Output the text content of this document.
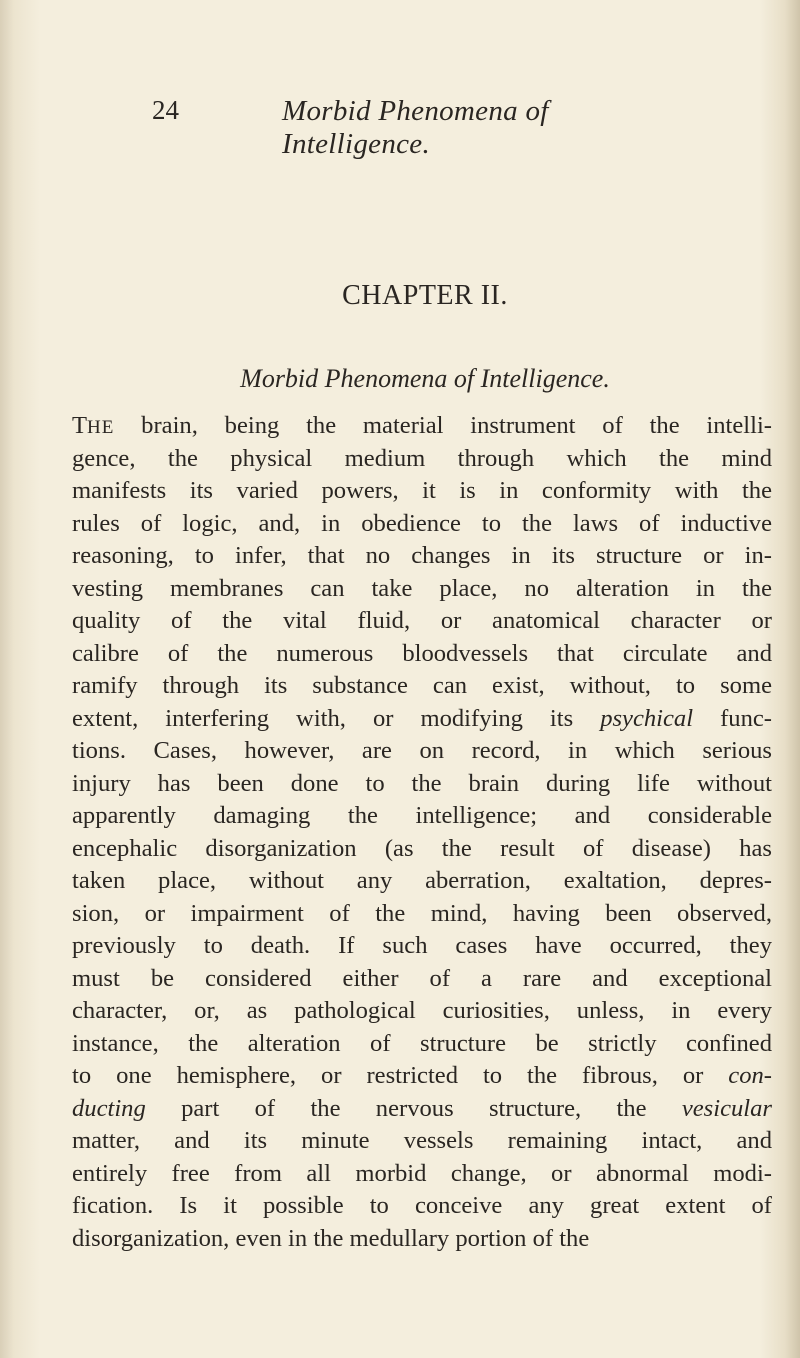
24	Morbid Phenomena of Intelligence.
CHAPTER II.
Morbid Phenomena of Intelligence.
THE brain, being the material instrument of the intelli-
gence, the physical medium through which the mind
manifests its varied powers, it is in conformity with the
rules of logic, and, in obedience to the laws of inductive
reasoning, to infer, that no changes in its structure or in-
vesting membranes can take place, no alteration in the
quality of the vital fluid, or anatomical character or
calibre of the numerous bloodvessels that circulate and
ramify through its substance can exist, without, to some
extent, interfering with, or modifying its psychical func-
tions. Cases, however, are on record, in which serious
injury has been done to the brain during life without
apparently damaging the intelligence; and considerable
encephalic disorganization (as the result of disease) has
taken place, without any aberration, exaltation, depres-
sion, or impairment of the mind, having been observed,
previously to death. If such cases have occurred, they
must be considered either of a rare and exceptional
character, or, as pathological curiosities, unless, in every
instance, the alteration of structure be strictly confined
to one hemisphere, or restricted to the fibrous, or con-
ducting part of the nervous structure, the vesicular
matter, and its minute vessels remaining intact, and
entirely free from all morbid change, or abnormal modi-
fication. Is it possible to conceive any great extent of
disorganization, even in the medullary portion of the
